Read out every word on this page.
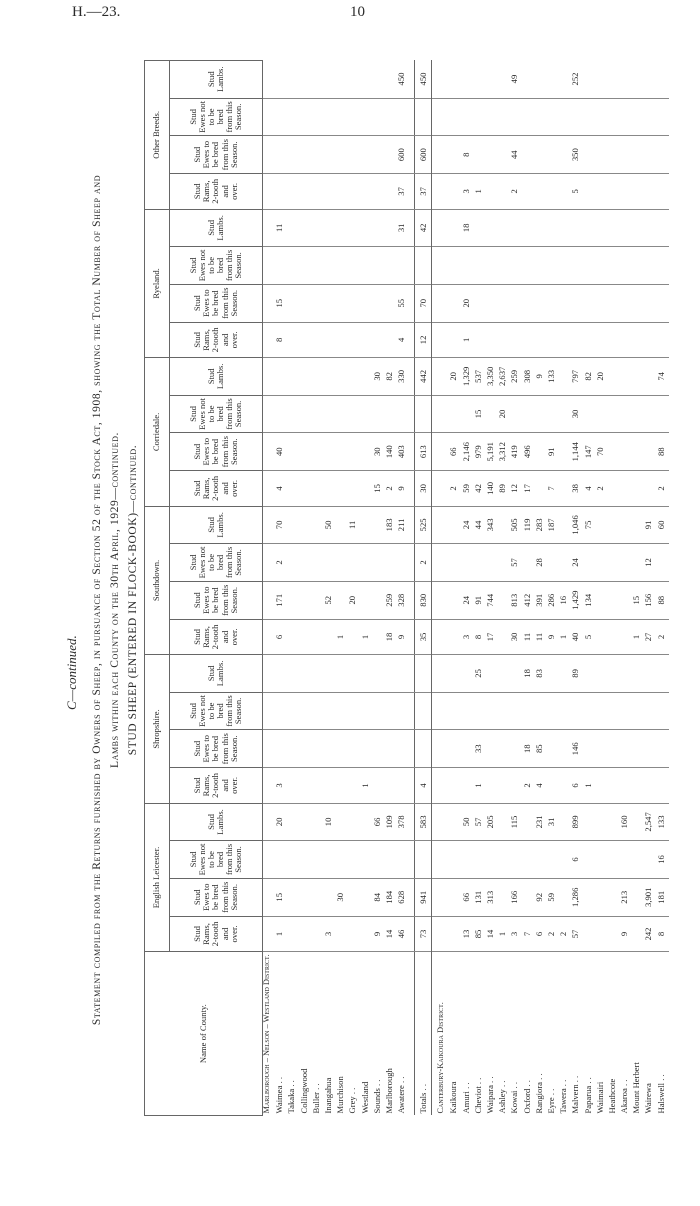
H.—23.	10
C—continued. Statement compiled from the Returns furnished by Owners of Sheep, in pursuance of Section 52 of the Stock Act, 1908, showing the Total Number of Sheep and Lambs within each County on the 30th April, 1929—continued. STUD SHEEP (ENTERED IN FLOCK-BOOK)—continued.
Name of County.	English Leicester.				Shropshire.				Southdown.				Corriedale.				Ryeland.				Other Breeds.			
	Stud Rams, 2-tooth and over.	Stud Ewes to be bred from this Season.	Stud Ewes not to be bred from this Season.	Stud Lambs.	Stud Rams, 2-tooth and over.	Stud Ewes to be bred from this Season.	Stud Ewes not to be bred from this Season.	Stud Lambs.	Stud Rams, 2-tooth and over.	Stud Ewes to be bred from this Season.	Stud Ewes not to be bred from this Season.	Stud Lambs.	Stud Rams, 2-tooth and over.	Stud Ewes to be bred from this Season.	Stud Ewes not to be bred from this Season.	Stud Lambs.	Stud Rams, 2-tooth and over.	Stud Ewes to be bred from this Season.	Stud Ewes not to be bred from this Season.	Stud Lambs.	Stud Rams, 2-tooth and over.	Stud Ewes to be bred from this Season.	Stud Ewes not to be bred from this Season.	Stud Lambs.
Marlborough – Nelson – Westland District.																								
Waimea . .	1	15		20	3				6	171	2	70	4	40			8	15		11				
Takaka . .																								
Collingwood																								
Buller . .																								
Inangahua	3			10						52		50												
Murchison		30							1															
Grey . .										20		11												
Westland					1				1															
Sounds . .	9	84		66									15	30		30								
Marlborough	14	184		109					18	259		183	2	140		82								
Awatere . .	46	628		378					9	328		211	9	403		330	4	55		31	37	600		450

Totals . .	73	941		583	4				35	830	2	525	30	613		442	12	70		42	37	600		450

Canterbury-Kaikoura District.																								
Kaikoura													2	66		20								
Amuri . .	13	66		50					3	24		24	59	2,146		1,329	1	20		18	3	8		
Cheviot . .	85	131		57	1	33		25	8	91		44	42	979	15	537					1			
Waipara . .	14	313		205					17	744		343	140	5,191		3,350								
Ashley . .	1												89	3,312	20	2,637								
Kowai . .	3	166		115					30	813	57	505	12	419		259					2	44		49
Oxford . .	7				2	18		18	11	412		119	17	496		308								
Rangiora . .	6	92		231	4	85		83	11	391	28	283				9								
Eyre . .	2	59		31					9	286		187	7	91		133								
Tawera . .	2								1	16														
Malvern . .	57	1,286	6	899	6	146		89	40	1,429	24	1,046	38	1,144	30	797					5	350		252
Paparua . .					1				5	134		75	4	147		82								
Waimairi													2	70		20								
Heathcote																								
Akaroa . .	9	213		160																				
Mount Herbert									1	15														
Wairewa	242	3,901		2,547					27	156	12	91												
Halswell . .	8	181	16	133					2	88		60	2	88		74								
